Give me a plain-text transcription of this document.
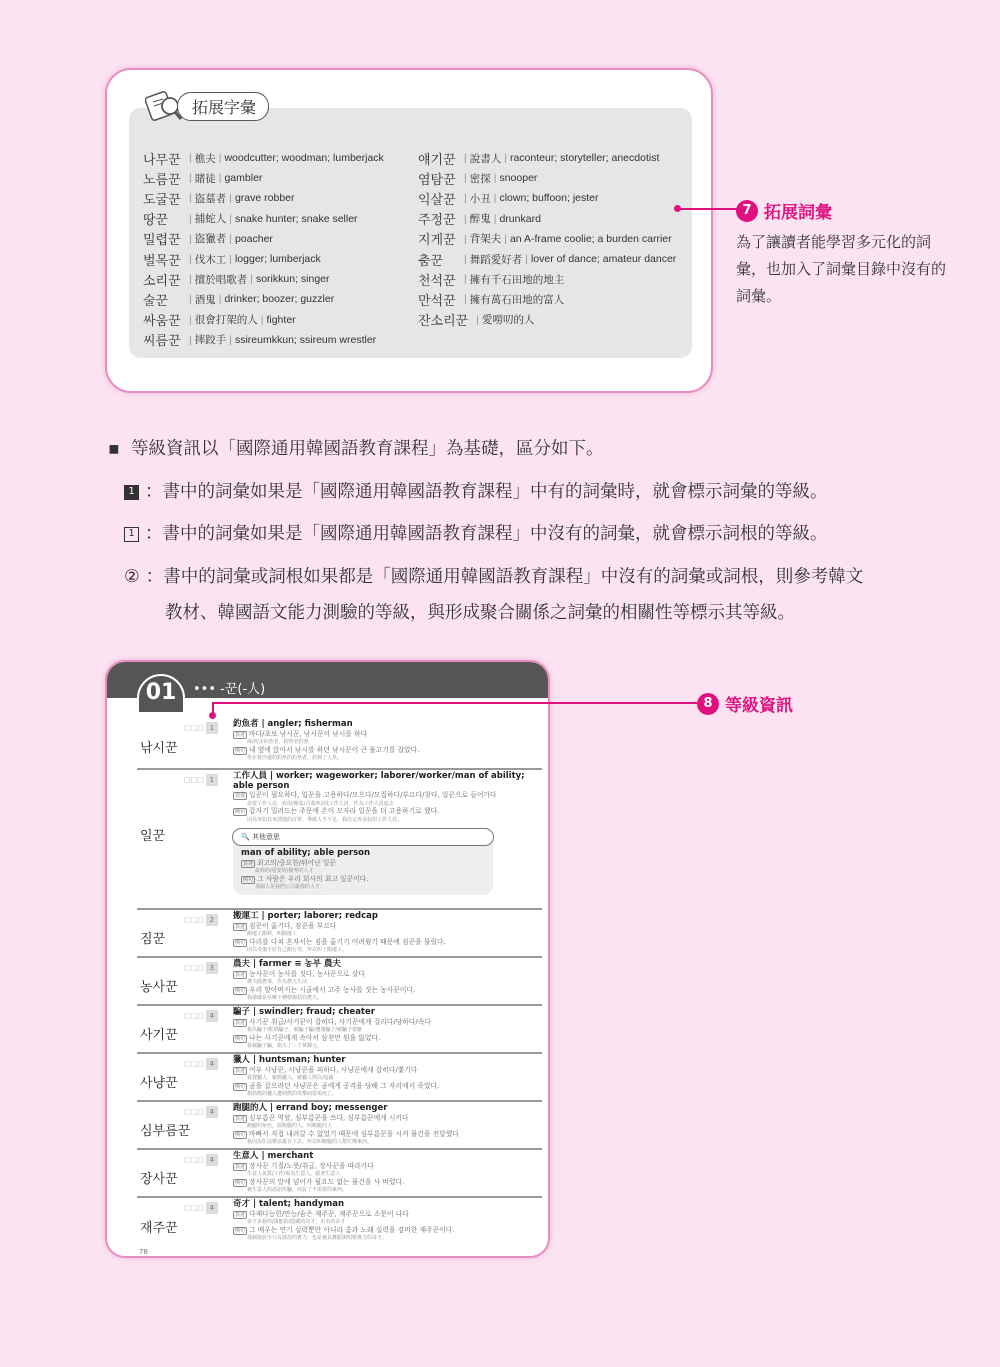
나무꾼 | 樵夫 | woodcutter; woodman; lumberjack
노름꾼 | 賭徒 | gambler
도굴꾼 | 盜墓者 | grave robber
땅꾼	| 捕蛇人 | snake hunter; snake seller
밀렵꾼 | 盜獵者 | poacher
벌목꾼 | 伐木工 | logger; lumberjack
소리꾼 | 擅於唱歌者 | sorikkun; singer
술꾼	| 酒鬼 | drinker; boozer; guzzler
싸움꾼 | 很會打架的人 | fighter
씨름꾼 | 摔跤手 | ssireumkkun; ssireum wrestler
얘기꾼 | 說書人 | raconteur; storyteller; anecdotist
염탐꾼 | 密探 | snooper
익살꾼 | 小丑 | clown; buffoon; jester
주정꾼 | 醉鬼 | drunkard
지게꾼 | 背架夫 | an A-frame coolie; a burden carrier
춤꾼	| 舞蹈愛好者 | lover of dance; amateur dancer
천석꾼 | 擁有千石田地的地主
만석꾼 | 擁有萬石田地的富人
잔소리꾼 | 愛嘮叨的人
拓展字彙
7 拓展詞彙
為了讓讀者能學習多元化的詞彙，也加入了詞彙目錄中沒有的詞彙。
▪ 等級資訊以「國際通用韓國語教育課程」為基礎，區分如下。
1 ：書中的詞彙如果是「國際通用韓國語教育課程」中有的詞彙時，就會標示詞彙的等級。
1 ：書中的詞彙如果是「國際通用韓國語教育課程」中沒有的詞彙，就會標示詞根的等級。
② ：書中的詞彙或詞根如果都是「國際通用韓國語教育課程」中沒有的詞彙或詞根，則參考韓文
教材、韓國語文能力測驗的等級，與形成聚合關係之詞彙的相關性等標示其等級。
01	••• -꾼(-人)
낚시꾼
□□□ 1	釣魚者 | angler; fisherman
表達 바다/초보 낚시꾼, 낚시꾼이 낚시를 하다
海/初步的魚者，釣魚者釣魚
例句 내 옆에 앉아서 낚시를 하던 낚시꾼이 큰 물고기를 잡았다.
坐在我旁邊的釣魚的釣魚者，釣到了大魚。
일꾼
□□□ 1	工作人員 | worker; wageworker; laborer/worker/man of ability; able person
表達 일꾼이 필요하다, 일꾼을 고용하다/모으다/모집하다/부르다/찾다, 일꾼으로 들어가다
需要工作人員，雇用/聚集/召募/叫/找工作人員，作為工作人員進去
例句 갑자기 밀려드는 주문에 손이 모자라 일꾼을 더 고용하기로 했다.
因為突如其來湧進的訂單，導致人手不足，我決定再多雇用工作人員。
🔍 其他意思
man of ability; able person
表達 최고의/중요한/뛰어난 일꾼
最棒的/重要的/優秀的人才
例句 그 사람은 우리 회사의 최고 일꾼이다.
那個人是我們公司最棒的人才。
짐꾼
□□□ 2	搬運工 | porter; laborer; redcap
表達 짐꾼이 옮기다, 짐꾼을 부르다
搬運工搬移，叫搬運工
例句 다리를 다쳐 혼자서는 짐을 옮기기 어려웠기 때문에 짐꾼을 불렀다.
因為受傷不好自己搬行李，所以叫了搬運工。
농사꾼
□□□ 3	農夫 | farmer ≡ 농부 農夫
表達 농사꾼이 농사를 짓다, 농사꾼으로 살다
農夫做農事，作為農夫生活
例句 우리 할아버지는 시골에서 고주 농사를 짓는 농사꾼이다.
我爺爺是在鄉下種植棉桔的農夫。
사기꾼
□□□ 4	騙子 | swindler; fraud; cheater
表達 사기꾼 취급/사기꾼이 잡히다, 사기꾼에게 걸리다/당하다/속다
視為騙子/抓到騙子，被騙子騙/遭遇騙子/被騙子蒙蔽
例句 나는 사기꾼에게 속아서 삼천만 원을 잃었다.
我被騙子騙，損失了三千萬韓元。
사냥꾼
□□□ 4	獵人 | huntsman; hunter
表達 여우 사냥꾼, 사냥꾼을 피하다, 사냥꾼에게 잡히다/쫓기다
狐狸獵人，避開獵人，被獵人抓住/追捕
例句 곰을 잡으려던 사냥꾼은 곰에게 공격을 당해 그 자리에서 죽었다.
想抓熊的獵人遭到熊的攻擊而當場死亡。
심부름꾼
□□□ 4	跑腿的人 | errand boy; messenger
表達 심부름꾼 역할, 심부름꾼을 쓰다, 심부름꾼에게 시키다
跑腿的角色，雇跑腿的人，叫跑腿的人
例句 바빠서 직접 내려갈 수 없었기 때문에 심부름꾼을 시켜 물건을 전달했다
我因為忙沒辦法親自下去，所以叫跑腿的人幫忙傳東西。
장사꾼
□□□ 4	生意人 | merchant
表達 장사꾼 기질/노릇/취급, 장사꾼을 따라가다
生意人氣質/工作/視為生意人，跟著生意人
例句 장사꾼의 말에 넘어가 필요도 없는 물건을 사 버렸다.
被生意人的話語所騙，而買了不需要的東西。
재주꾼
□□□ 4	奇才 | talent; handyman
表達 다재다능한/만능/숨은 재주꾼, 재주꾼으로 소문이 나다
多才多藝的/萬能的/隱藏的奇才，出名的奇才
例句 그 배우는 연기 실력뿐만 아니라 춤과 노래 실력을 겸비한 재주꾼이다.
那個演員不只有演技的實力，也是兼具舞蹈與唱歌實力的奇才。
78
8 等級資訊
